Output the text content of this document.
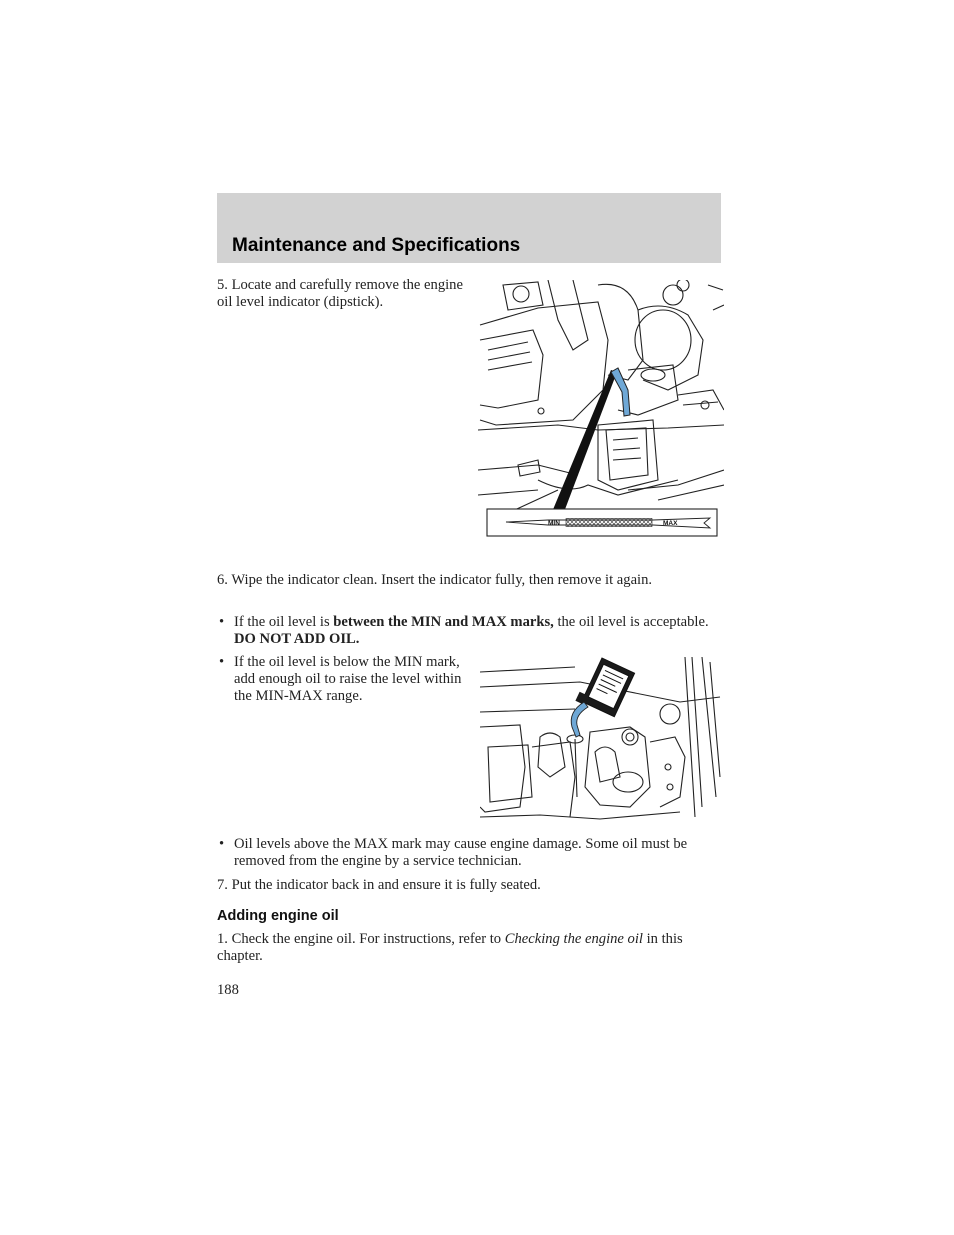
Maintenance and Specifications

5. Locate and carefully remove the engine oil level indicator (dipstick).

MIN	MAX

6. Wipe the indicator clean. Insert the indicator fully, then remove it again.

• If the oil level is between the MIN and MAX marks, the oil level is acceptable. DO NOT ADD OIL.
• If the oil level is below the MIN mark, add enough oil to raise the level within the MIN-MAX range.
• Oil levels above the MAX mark may cause engine damage. Some oil must be removed from the engine by a service technician.

7. Put the indicator back in and ensure it is fully seated.

Adding engine oil

1. Check the engine oil. For instructions, refer to Checking the engine oil in this chapter.

188
